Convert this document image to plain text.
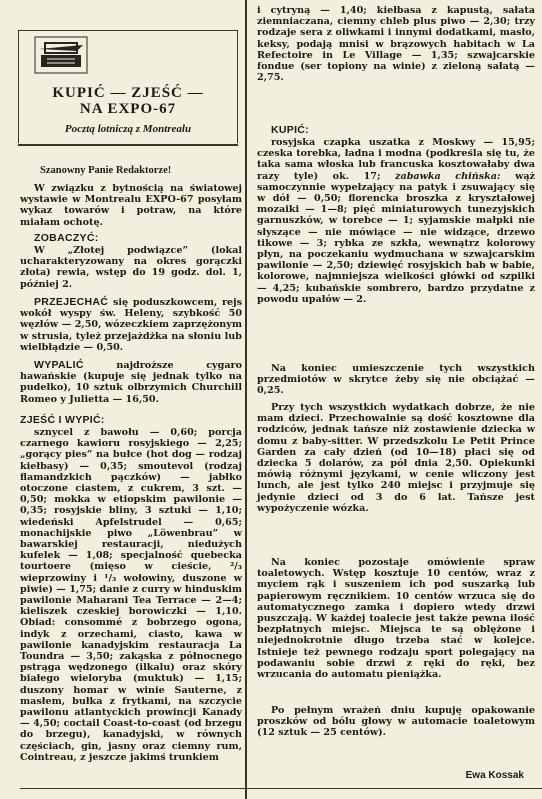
KUPIĆ — ZJEŚĆ —
NA EXPO-67
Pocztą lotniczą z Montrealu
Szanowny Panie Redaktorze!

W związku z bytnością na światowej wystawie w Montrealu EXPO-67 posyłam wykaz towarów i potraw, na które miałam ochotę.

ZOBACZYĆ:

W „Złotej podwiązce” (lokal ucharakteryzowany na okres gorączki złota) rewia, wstęp do 19 godz. dol. 1, później 2.

PRZEJECHAĆ się poduszkowcem, rejs wokół wyspy św. Heleny, szybkość 50 węzłów — 2,50, wózeczkiem zaprzężonym w strusia, tyleż przejażdżka na słoniu lub wielbłądzie — 0,50.

WYPALIĆ	najdroższe cygaro hawańskie (kupuje się jednak tylko na pudełko), 10 sztuk olbrzymich Churchill Romeo y Julietta — 16,50.

ZJEŚĆ I WYPIĆ:

sznycel z bawołu — 0,60; porcja czarnego kawioru rosyjskiego — 2,25; „gorący pies” na bułce (hot dog — rodzaj kiełbasy) — 0,35; smoutevol (rodzaj flamandzkich pączków) — jabłko otoczone ciastem, z cukrem, 3 szt. — 0,50; mokka w etiopskim pawilonie — 0,35; rosyjskie bliny, 3 sztuki — 1,10; wiedeński Apfelstrudel — 0,65; monachijskie piwo „Löwenbrau” w bawarskiej restauracji, niedużych kufelek — 1,08; specjalność quebecka tourtoere (mięso w cieście, ²/₃ wieprzowiny i ¹/₃ wołowiny, duszone w piwie) — 1,75; danie z curry w hinduskim pawilonie Maharani Tea Terrace — 2—4; kieliszek czeskiej borowiczki — 1,10. Obiad: consommé z bobrzego ogona, indyk z orzechami, ciasto, kawa w pawilonie kanadyjskim restauracja La Toundra — 3,50; zakąska z północnego pstrąga wędzonego (ilkalu) oraz skóry białego wieloryba (muktuk) — 1,15; duszony homar w winie Sauterne, z masłem, bułka z frytkami, na szczycie pawilonu atlantyckich prowincji Kanady — 4,50; coctail Coast-to-coast (od brzegu do brzegu), kanadyjski, w równych częściach, gin, jasny oraz ciemny rum, Cointreau, z jeszcze jakimś trunkiem

i cytryną — 1,40; kiełbasa z kapustą, sałata ziemniaczana, ciemny chleb plus piwo — 2,30; trzy rodzaje sera z oliwkami i innymi dodatkami, masło, keksy, podają mnisi w brązowych habitach w La Refectoire in Le Village — 1,35; szwajcarskie fondue (ser topiony na winie) z zieloną sałatą — 2,75.

KUPIĆ:

rosyjska czapka uszatka z Moskwy — 15,95; czeska torebka, ładna i modna (podkreśla się tu, że taka sama włoska lub francuska kosztowałaby dwa razy tyle) ok. 17; zabawka chińska: wąż samoczynnie wypełzający na patyk i zsuwający się w dół — 0,50; florencka broszka z kryształowej mozaiki — 1—8; pięć miniaturowych tunezyjskich garnuszków, w torebce — 1; syjamskie małpki nie słyszące — nie mówiące — nie widzące, drzewo tikowe — 3; rybka ze szkła, wewnątrz kolorowy płyn, na poczekaniu wydmuchana w szwajcarskim pawilonie — 2,50; dziewięć rosyjskich bab w babie, kolorowe, najmniejsza wielkości główki od szpilki — 4,25; kubańskie sombrero, bardzo przydatne z powodu upałów — 2.

Na koniec umieszczenie tych wszystkich przedmiotów w skrytce żeby się nie obciążać — 0,25.

Przy tych wszystkich wydatkach dobrze, że nie mam dzieci. Przechowalnie są dość kosztowne dla rodziców, jednak tańsze niż zostawienie dziecka w domu z baby-sitter. W przedszkolu Le Petit Prince Garden za cały dzień (od 10—18) płaci się od dziecka 5 dolarów, za pół dnia 2,50. Opiekunki mówią różnymi językami, w cenie wliczony jest lunch, ale jest tylko 240 miejsc i przyjmuje się jedynie dzieci od 3 do 6 lat. Tańsze jest wypożyczenie wózka.

Na koniec pozostaje omówienie spraw toaletowych. Wstęp kosztuje 10 centów, wraz z myciem rąk i suszeniem ich pod suszarką lub papierowym ręcznikiem. 10 centów wrzuca się do automatycznego zamka i dopiero wtedy drzwi puszczają. W każdej toalecie jest także pewna ilość bezpłatnych miejsc. Miejsca te są oblężone i niejednokrotnie długo trzeba stać w kolejce. Istnieje też pewnego rodzaju sport polegający na podawaniu sobie drzwi z ręki do ręki, bez wrzucania do automatu pieniążka.

Po pełnym wrażeń dniu kupuję opakowanie proszków od bólu głowy w automacie toaletowym (12 sztuk — 25 centów).

Ewa Kossak
